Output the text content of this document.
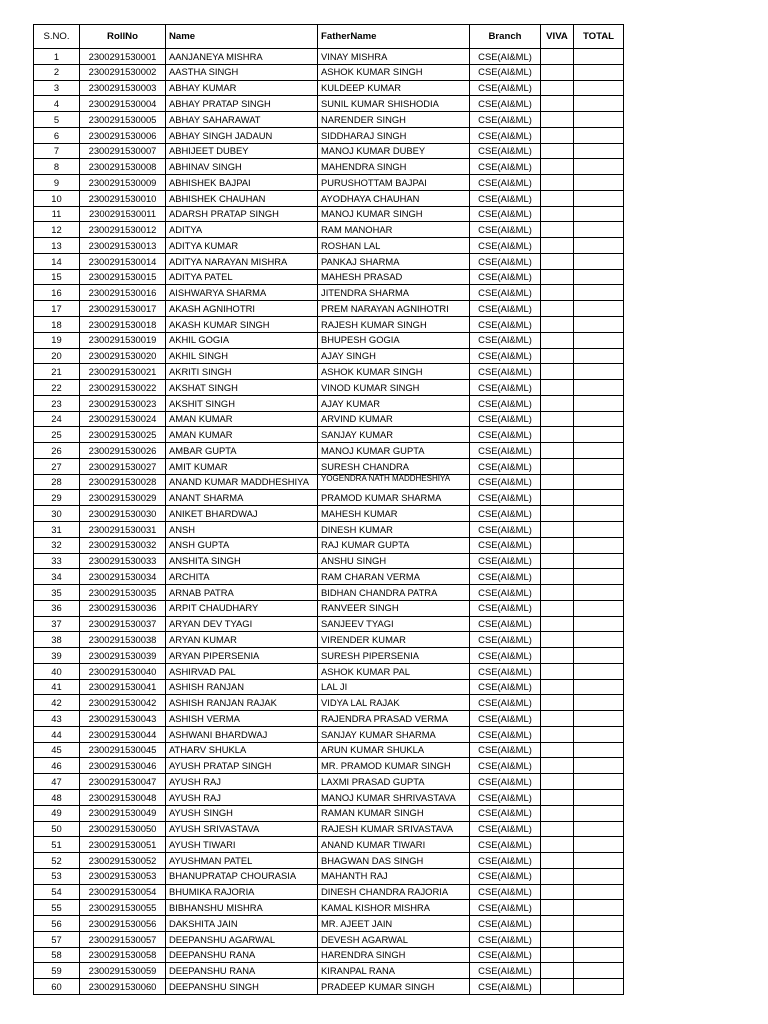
S.NO.	RollNo	Name	FatherName	Branch	VIVA	TOTAL
1	2300291530001	AANJANEYA MISHRA	VINAY MISHRA	CSE(AI&ML)		
2	2300291530002	AASTHA SINGH	ASHOK KUMAR SINGH	CSE(AI&ML)		
3	2300291530003	ABHAY KUMAR	KULDEEP KUMAR	CSE(AI&ML)		
4	2300291530004	ABHAY PRATAP SINGH	SUNIL KUMAR SHISHODIA	CSE(AI&ML)		
5	2300291530005	ABHAY SAHARAWAT	NARENDER SINGH	CSE(AI&ML)		
6	2300291530006	ABHAY SINGH JADAUN	SIDDHARAJ SINGH	CSE(AI&ML)		
7	2300291530007	ABHIJEET DUBEY	MANOJ KUMAR DUBEY	CSE(AI&ML)		
8	2300291530008	ABHINAV SINGH	MAHENDRA SINGH	CSE(AI&ML)		
9	2300291530009	ABHISHEK BAJPAI	PURUSHOTTAM BAJPAI	CSE(AI&ML)		
10	2300291530010	ABHISHEK CHAUHAN	AYODHAYA CHAUHAN	CSE(AI&ML)		
11	2300291530011	ADARSH PRATAP SINGH	MANOJ KUMAR SINGH	CSE(AI&ML)		
12	2300291530012	ADITYA	RAM MANOHAR	CSE(AI&ML)		
13	2300291530013	ADITYA KUMAR	ROSHAN LAL	CSE(AI&ML)		
14	2300291530014	ADITYA NARAYAN MISHRA	PANKAJ SHARMA	CSE(AI&ML)		
15	2300291530015	ADITYA PATEL	MAHESH PRASAD	CSE(AI&ML)		
16	2300291530016	AISHWARYA SHARMA	JITENDRA SHARMA	CSE(AI&ML)		
17	2300291530017	AKASH AGNIHOTRI	PREM NARAYAN AGNIHOTRI	CSE(AI&ML)		
18	2300291530018	AKASH KUMAR SINGH	RAJESH KUMAR SINGH	CSE(AI&ML)		
19	2300291530019	AKHIL GOGIA	BHUPESH GOGIA	CSE(AI&ML)		
20	2300291530020	AKHIL SINGH	AJAY SINGH	CSE(AI&ML)		
21	2300291530021	AKRITI SINGH	ASHOK KUMAR SINGH	CSE(AI&ML)		
22	2300291530022	AKSHAT SINGH	VINOD KUMAR SINGH	CSE(AI&ML)		
23	2300291530023	AKSHIT SINGH	AJAY KUMAR	CSE(AI&ML)		
24	2300291530024	AMAN KUMAR	ARVIND KUMAR	CSE(AI&ML)		
25	2300291530025	AMAN KUMAR	SANJAY KUMAR	CSE(AI&ML)		
26	2300291530026	AMBAR GUPTA	MANOJ KUMAR GUPTA	CSE(AI&ML)		
27	2300291530027	AMIT KUMAR	SURESH CHANDRA	CSE(AI&ML)		
28	2300291530028	ANAND KUMAR MADDHESHIYA	YOGENDRA NATH MADDHESHIYA	CSE(AI&ML)		
29	2300291530029	ANANT SHARMA	PRAMOD KUMAR SHARMA	CSE(AI&ML)		
30	2300291530030	ANIKET BHARDWAJ	MAHESH KUMAR	CSE(AI&ML)		
31	2300291530031	ANSH	DINESH KUMAR	CSE(AI&ML)		
32	2300291530032	ANSH GUPTA	RAJ KUMAR GUPTA	CSE(AI&ML)		
33	2300291530033	ANSHITA SINGH	ANSHU SINGH	CSE(AI&ML)		
34	2300291530034	ARCHITA	RAM CHARAN VERMA	CSE(AI&ML)		
35	2300291530035	ARNAB PATRA	BIDHAN CHANDRA PATRA	CSE(AI&ML)		
36	2300291530036	ARPIT CHAUDHARY	RANVEER SINGH	CSE(AI&ML)		
37	2300291530037	ARYAN DEV TYAGI	SANJEEV TYAGI	CSE(AI&ML)		
38	2300291530038	ARYAN KUMAR	VIRENDER KUMAR	CSE(AI&ML)		
39	2300291530039	ARYAN PIPERSENIA	SURESH PIPERSENIA	CSE(AI&ML)		
40	2300291530040	ASHIRVAD PAL	ASHOK KUMAR PAL	CSE(AI&ML)		
41	2300291530041	ASHISH RANJAN	LAL JI	CSE(AI&ML)		
42	2300291530042	ASHISH RANJAN RAJAK	VIDYA LAL RAJAK	CSE(AI&ML)		
43	2300291530043	ASHISH VERMA	RAJENDRA PRASAD VERMA	CSE(AI&ML)		
44	2300291530044	ASHWANI BHARDWAJ	SANJAY KUMAR SHARMA	CSE(AI&ML)		
45	2300291530045	ATHARV SHUKLA	ARUN KUMAR SHUKLA	CSE(AI&ML)		
46	2300291530046	AYUSH PRATAP SINGH	MR. PRAMOD KUMAR SINGH	CSE(AI&ML)		
47	2300291530047	AYUSH RAJ	LAXMI PRASAD GUPTA	CSE(AI&ML)		
48	2300291530048	AYUSH RAJ	MANOJ KUMAR SHRIVASTAVA	CSE(AI&ML)		
49	2300291530049	AYUSH SINGH	RAMAN KUMAR SINGH	CSE(AI&ML)		
50	2300291530050	AYUSH SRIVASTAVA	RAJESH KUMAR SRIVASTAVA	CSE(AI&ML)		
51	2300291530051	AYUSH TIWARI	ANAND KUMAR TIWARI	CSE(AI&ML)		
52	2300291530052	AYUSHMAN PATEL	BHAGWAN DAS SINGH	CSE(AI&ML)		
53	2300291530053	BHANUPRATAP CHOURASIA	MAHANTH RAJ	CSE(AI&ML)		
54	2300291530054	BHUMIKA RAJORIA	DINESH CHANDRA RAJORIA	CSE(AI&ML)		
55	2300291530055	BIBHANSHU MISHRA	KAMAL KISHOR MISHRA	CSE(AI&ML)		
56	2300291530056	DAKSHITA JAIN	MR. AJEET JAIN	CSE(AI&ML)		
57	2300291530057	DEEPANSHU AGARWAL	DEVESH AGARWAL	CSE(AI&ML)		
58	2300291530058	DEEPANSHU RANA	HARENDRA SINGH	CSE(AI&ML)		
59	2300291530059	DEEPANSHU RANA	KIRANPAL RANA	CSE(AI&ML)		
60	2300291530060	DEEPANSHU SINGH	PRADEEP KUMAR SINGH	CSE(AI&ML)		
